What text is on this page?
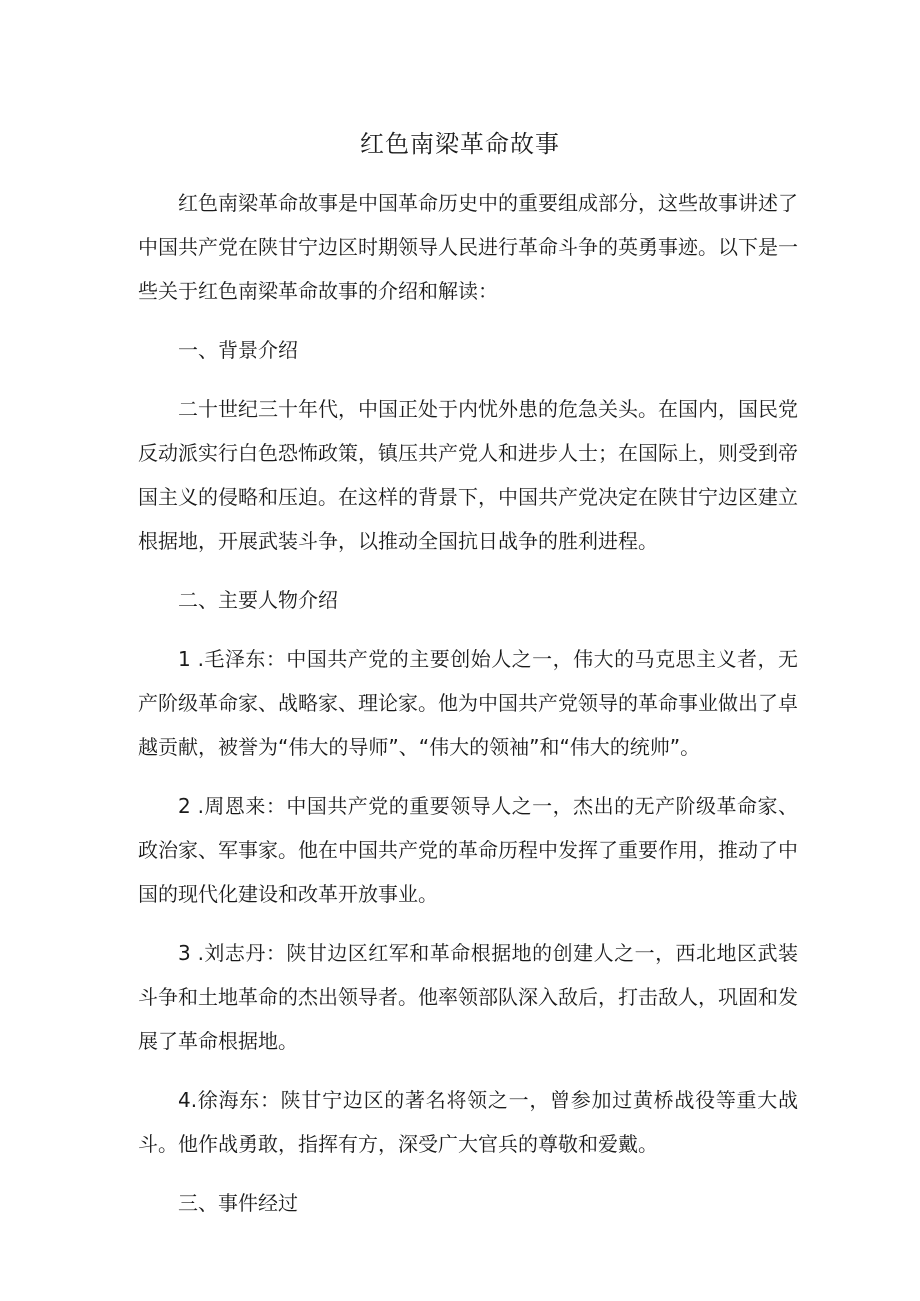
红色南梁革命故事

红色南梁革命故事是中国革命历史中的重要组成部分，这些故事讲述了中国共产党在陕甘宁边区时期领导人民进行革命斗争的英勇事迹。以下是一些关于红色南梁革命故事的介绍和解读：

一、背景介绍

二十世纪三十年代，中国正处于内忧外患的危急关头。在国内，国民党反动派实行白色恐怖政策，镇压共产党人和进步人士；在国际上，则受到帝国主义的侵略和压迫。在这样的背景下，中国共产党决定在陕甘宁边区建立根据地，开展武装斗争，以推动全国抗日战争的胜利进程。

二、主要人物介绍

1 .毛泽东：中国共产党的主要创始人之一，伟大的马克思主义者，无产阶级革命家、战略家、理论家。他为中国共产党领导的革命事业做出了卓越贡献，被誉为“伟大的导师”、“伟大的领袖”和“伟大的统帅”。

2 .周恩来：中国共产党的重要领导人之一，杰出的无产阶级革命家、政治家、军事家。他在中国共产党的革命历程中发挥了重要作用，推动了中国的现代化建设和改革开放事业。

3 .刘志丹：陕甘边区红军和革命根据地的创建人之一，西北地区武装斗争和土地革命的杰出领导者。他率领部队深入敌后，打击敌人，巩固和发展了革命根据地。

4.徐海东：陕甘宁边区的著名将领之一，曾参加过黄桥战役等重大战斗。他作战勇敢，指挥有方，深受广大官兵的尊敬和爱戴。

三、事件经过
